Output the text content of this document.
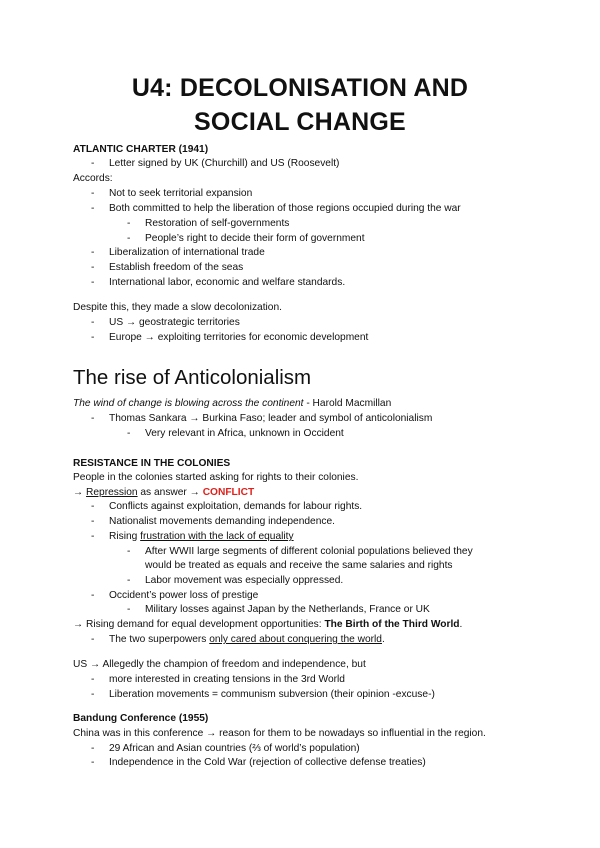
U4: DECOLONISATION AND
SOCIAL CHANGE
ATLANTIC CHARTER (1941)
- Letter signed by UK (Churchill) and US (Roosevelt)
Accords:
- Not to seek territorial expansion
- Both committed to help the liberation of those regions occupied during the war
- Restoration of self-governments
- People’s right to decide their form of government
- Liberalization of international trade
- Establish freedom of the seas
- International labor, economic and welfare standards.
Despite this, they made a slow decolonization.
- US → geostrategic territories
- Europe → exploiting territories for economic development
The rise of Anticolonialism
The wind of change is blowing across the continent - Harold Macmillan
- Thomas Sankara → Burkina Faso; leader and symbol of anticolonialism
- Very relevant in Africa, unknown in Occident
RESISTANCE IN THE COLONIES
People in the colonies started asking for rights to their colonies.
→ Repression as answer → CONFLICT
- Conflicts against exploitation, demands for labour rights.
- Nationalist movements demanding independence.
- Rising frustration with the lack of equality
- After WWII large segments of different colonial populations believed they
would be treated as equals and receive the same salaries and rights
- Labor movement was especially oppressed.
- Occident’s power loss of prestige
- Military losses against Japan by the Netherlands, France or UK
→ Rising demand for equal development opportunities: The Birth of the Third World.
- The two superpowers only cared about conquering the world.
US → Allegedly the champion of freedom and independence, but
- more interested in creating tensions in the 3rd World
- Liberation movements = communism subversion (their opinion -excuse-)
Bandung Conference (1955)
China was in this conference → reason for them to be nowadays so influential in the region.
- 29 African and Asian countries (⅔ of world’s population)
- Independence in the Cold War (rejection of collective defense treaties)
